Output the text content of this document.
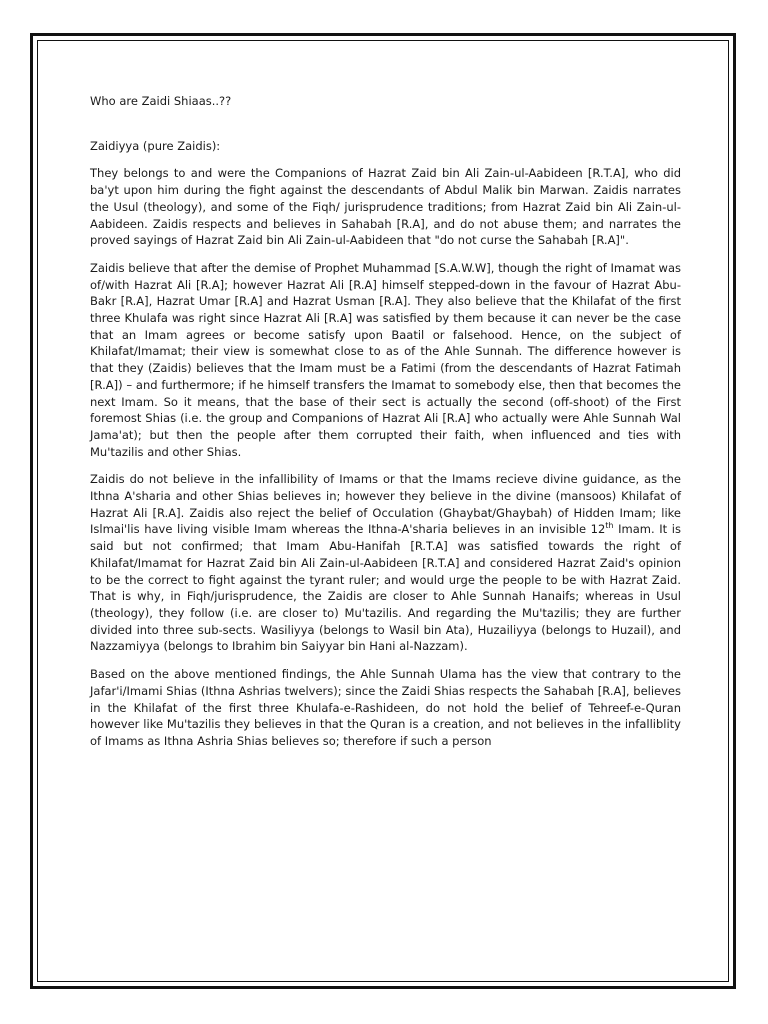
Who are Zaidi Shiaas..??

Zaidiyya (pure Zaidis):

They belongs to and were the Companions of Hazrat Zaid bin Ali Zain-ul-Aabideen [R.T.A], who did ba'yt upon him during the fight against the descendants of Abdul Malik bin Marwan. Zaidis narrates the Usul (theology), and some of the Fiqh/ jurisprudence traditions; from Hazrat Zaid bin Ali Zain-ul-Aabideen. Zaidis respects and believes in Sahabah [R.A], and do not abuse them; and narrates the proved sayings of Hazrat Zaid bin Ali Zain-ul-Aabideen that "do not curse the Sahabah [R.A]".

Zaidis believe that after the demise of Prophet Muhammad [S.A.W.W], though the right of Imamat was of/with Hazrat Ali [R.A]; however Hazrat Ali [R.A] himself stepped-down in the favour of Hazrat Abu-Bakr [R.A], Hazrat Umar [R.A] and Hazrat Usman [R.A]. They also believe that the Khilafat of the first three Khulafa was right since Hazrat Ali [R.A] was satisfied by them because it can never be the case that an Imam agrees or become satisfy upon Baatil or falsehood. Hence, on the subject of Khilafat/Imamat; their view is somewhat close to as of the Ahle Sunnah. The difference however is that they (Zaidis) believes that the Imam must be a Fatimi (from the descendants of Hazrat Fatimah [R.A]) – and furthermore; if he himself transfers the Imamat to somebody else, then that becomes the next Imam. So it means, that the base of their sect is actually the second (off-shoot) of the First foremost Shias (i.e. the group and Companions of Hazrat Ali [R.A] who actually were Ahle Sunnah Wal Jama'at); but then the people after them corrupted their faith, when influenced and ties with Mu'tazilis and other Shias.

Zaidis do not believe in the infallibility of Imams or that the Imams recieve divine guidance, as the Ithna A'sharia and other Shias believes in; however they believe in the divine (mansoos) Khilafat of Hazrat Ali [R.A]. Zaidis also reject the belief of Occulation (Ghaybat/Ghaybah) of Hidden Imam; like Islmai'lis have living visible Imam whereas the Ithna-A'sharia believes in an invisible 12th Imam. It is said but not confirmed; that Imam Abu-Hanifah [R.T.A] was satisfied towards the right of Khilafat/Imamat for Hazrat Zaid bin Ali Zain-ul-Aabideen [R.T.A] and considered Hazrat Zaid's opinion to be the correct to fight against the tyrant ruler; and would urge the people to be with Hazrat Zaid. That is why, in Fiqh/jurisprudence, the Zaidis are closer to Ahle Sunnah Hanaifs; whereas in Usul (theology), they follow (i.e. are closer to) Mu'tazilis. And regarding the Mu'tazilis; they are further divided into three sub-sects. Wasiliyya (belongs to Wasil bin Ata), Huzailiyya (belongs to Huzail), and Nazzamiyya (belongs to Ibrahim bin Saiyyar bin Hani al-Nazzam).

Based on the above mentioned findings, the Ahle Sunnah Ulama has the view that contrary to the Jafar'i/Imami Shias (Ithna Ashrias twelvers); since the Zaidi Shias respects the Sahabah [R.A], believes in the Khilafat of the first three Khulafa-e-Rashideen, do not hold the belief of Tehreef-e-Quran however like Mu'tazilis they believes in that the Quran is a creation, and not believes in the infalliblity of Imams as Ithna Ashria Shias believes so; therefore if such a person
